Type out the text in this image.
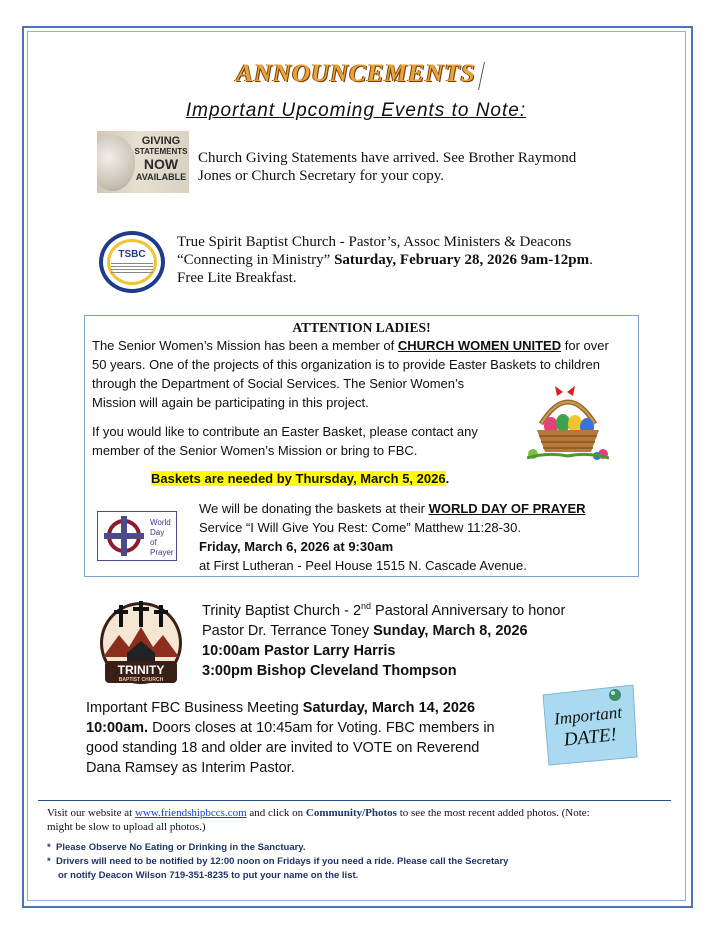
ANNOUNCEMENTS
Important Upcoming Events to Note:
GIVING
STATEMENTS
NOW
AVAILABLE
Church Giving Statements have arrived. See Brother Raymond
Jones or Church Secretary for your copy.
TSBC
True Spirit Baptist Church - Pastor’s, Assoc Ministers & Deacons
“Connecting in Ministry” Saturday, February 28, 2026 9am-12pm.
Free Lite Breakfast.
ATTENTION LADIES!
The Senior Women’s Mission has been a member of CHURCH WOMEN UNITED for over
50 years. One of the projects of this organization is to provide Easter Baskets to children
through the Department of Social Services. The Senior Women’s
Mission will again be participating in this project.
If you would like to contribute an Easter Basket, please contact any
member of the Senior Women’s Mission or bring to FBC.
Baskets are needed by Thursday, March 5, 2026.
World
Day
of
Prayer
We will be donating the baskets at their WORLD DAY OF PRAYER
Service “I Will Give You Rest: Come” Matthew 11:28-30.
Friday, March 6, 2026 at 9:30am
at First Lutheran - Peel House 1515 N. Cascade Avenue.
TRINITY
BAPTIST CHURCH
Trinity Baptist Church - 2nd Pastoral Anniversary to honor
Pastor Dr. Terrance Toney Sunday, March 8, 2026
10:00am Pastor Larry Harris
3:00pm Bishop Cleveland Thompson
Important FBC Business Meeting Saturday, March 14, 2026
10:00am. Doors closes at 10:45am for Voting. FBC members in
good standing 18 and older are invited to VOTE on Reverend
Dana Ramsey as Interim Pastor.
Important
DATE!
Visit our website at www.friendshipbccs.com and click on Community/Photos to see the most recent added photos. (Note:
might be slow to upload all photos.)
* Please Observe No Eating or Drinking in the Sanctuary.
* Drivers will need to be notified by 12:00 noon on Fridays if you need a ride. Please call the Secretary
or notify Deacon Wilson 719-351-8235 to put your name on the list.
